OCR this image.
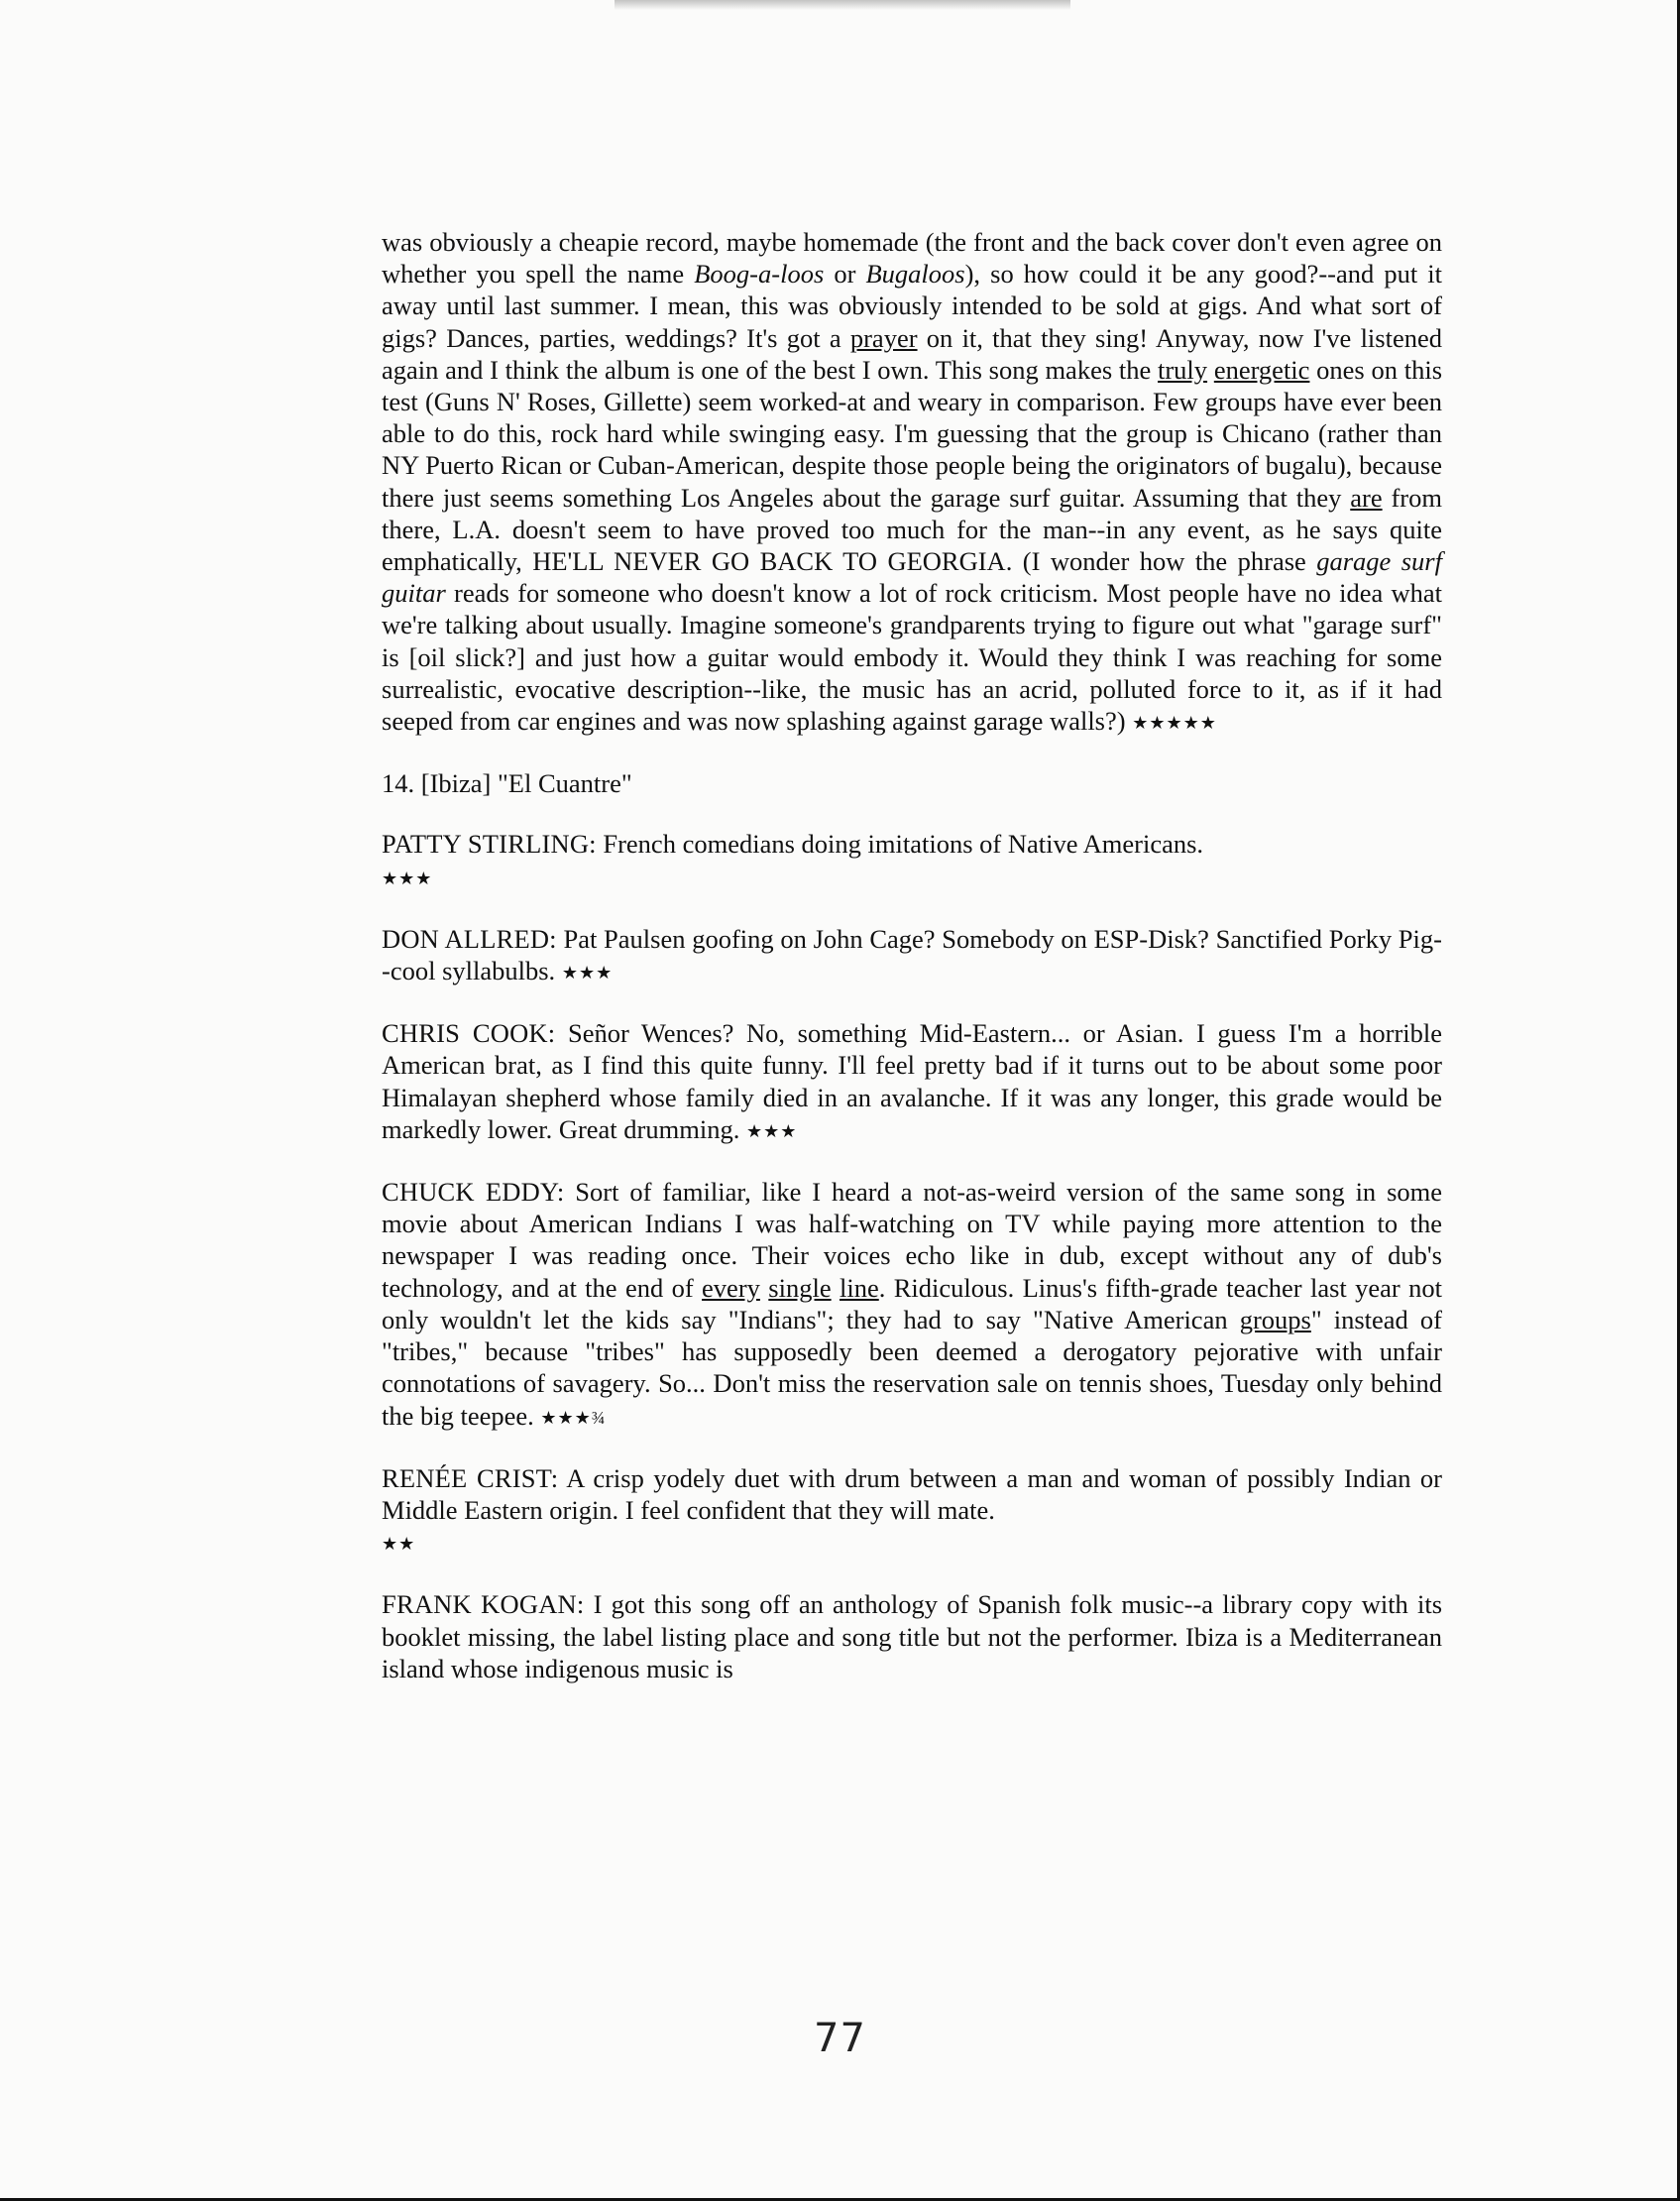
was obviously a cheapie record, maybe homemade (the front and the back cover don't even agree on whether you spell the name Boog-a-loos or Bugaloos), so how could it be any good?--and put it away until last summer. I mean, this was obviously intended to be sold at gigs. And what sort of gigs? Dances, parties, weddings? It's got a prayer on it, that they sing! Anyway, now I've listened again and I think the album is one of the best I own. This song makes the truly energetic ones on this test (Guns N' Roses, Gillette) seem worked-at and weary in comparison. Few groups have ever been able to do this, rock hard while swinging easy. I'm guessing that the group is Chicano (rather than NY Puerto Rican or Cuban-American, despite those people being the originators of bugalu), because there just seems something Los Angeles about the garage surf guitar. Assuming that they are from there, L.A. doesn't seem to have proved too much for the man--in any event, as he says quite emphatically, HE'LL NEVER GO BACK TO GEORGIA. (I wonder how the phrase garage surf guitar reads for someone who doesn't know a lot of rock criticism. Most people have no idea what we're talking about usually. Imagine someone's grandparents trying to figure out what "garage surf" is [oil slick?] and just how a guitar would embody it. Would they think I was reaching for some surrealistic, evocative description--like, the music has an acrid, polluted force to it, as if it had seeped from car engines and was now splashing against garage walls?) ★★★★★

14. [Ibiza] "El Cuantre"

PATTY STIRLING: French comedians doing imitations of Native Americans.
★★★

DON ALLRED: Pat Paulsen goofing on John Cage? Somebody on ESP-Disk? Sanctified Porky Pig--cool syllabulbs. ★★★

CHRIS COOK: Señor Wences? No, something Mid-Eastern... or Asian. I guess I'm a horrible American brat, as I find this quite funny. I'll feel pretty bad if it turns out to be about some poor Himalayan shepherd whose family died in an avalanche. If it was any longer, this grade would be markedly lower. Great drumming. ★★★

CHUCK EDDY: Sort of familiar, like I heard a not-as-weird version of the same song in some movie about American Indians I was half-watching on TV while paying more attention to the newspaper I was reading once. Their voices echo like in dub, except without any of dub's technology, and at the end of every single line. Ridiculous. Linus's fifth-grade teacher last year not only wouldn't let the kids say "Indians"; they had to say "Native American groups" instead of "tribes," because "tribes" has supposedly been deemed a derogatory pejorative with unfair connotations of savagery. So... Don't miss the reservation sale on tennis shoes, Tuesday only behind the big teepee. ★★★¾

RENÉE CRIST: A crisp yodely duet with drum between a man and woman of possibly Indian or Middle Eastern origin. I feel confident that they will mate.
★★

FRANK KOGAN: I got this song off an anthology of Spanish folk music--a library copy with its booklet missing, the label listing place and song title but not the performer. Ibiza is a Mediterranean island whose indigenous music is

77
